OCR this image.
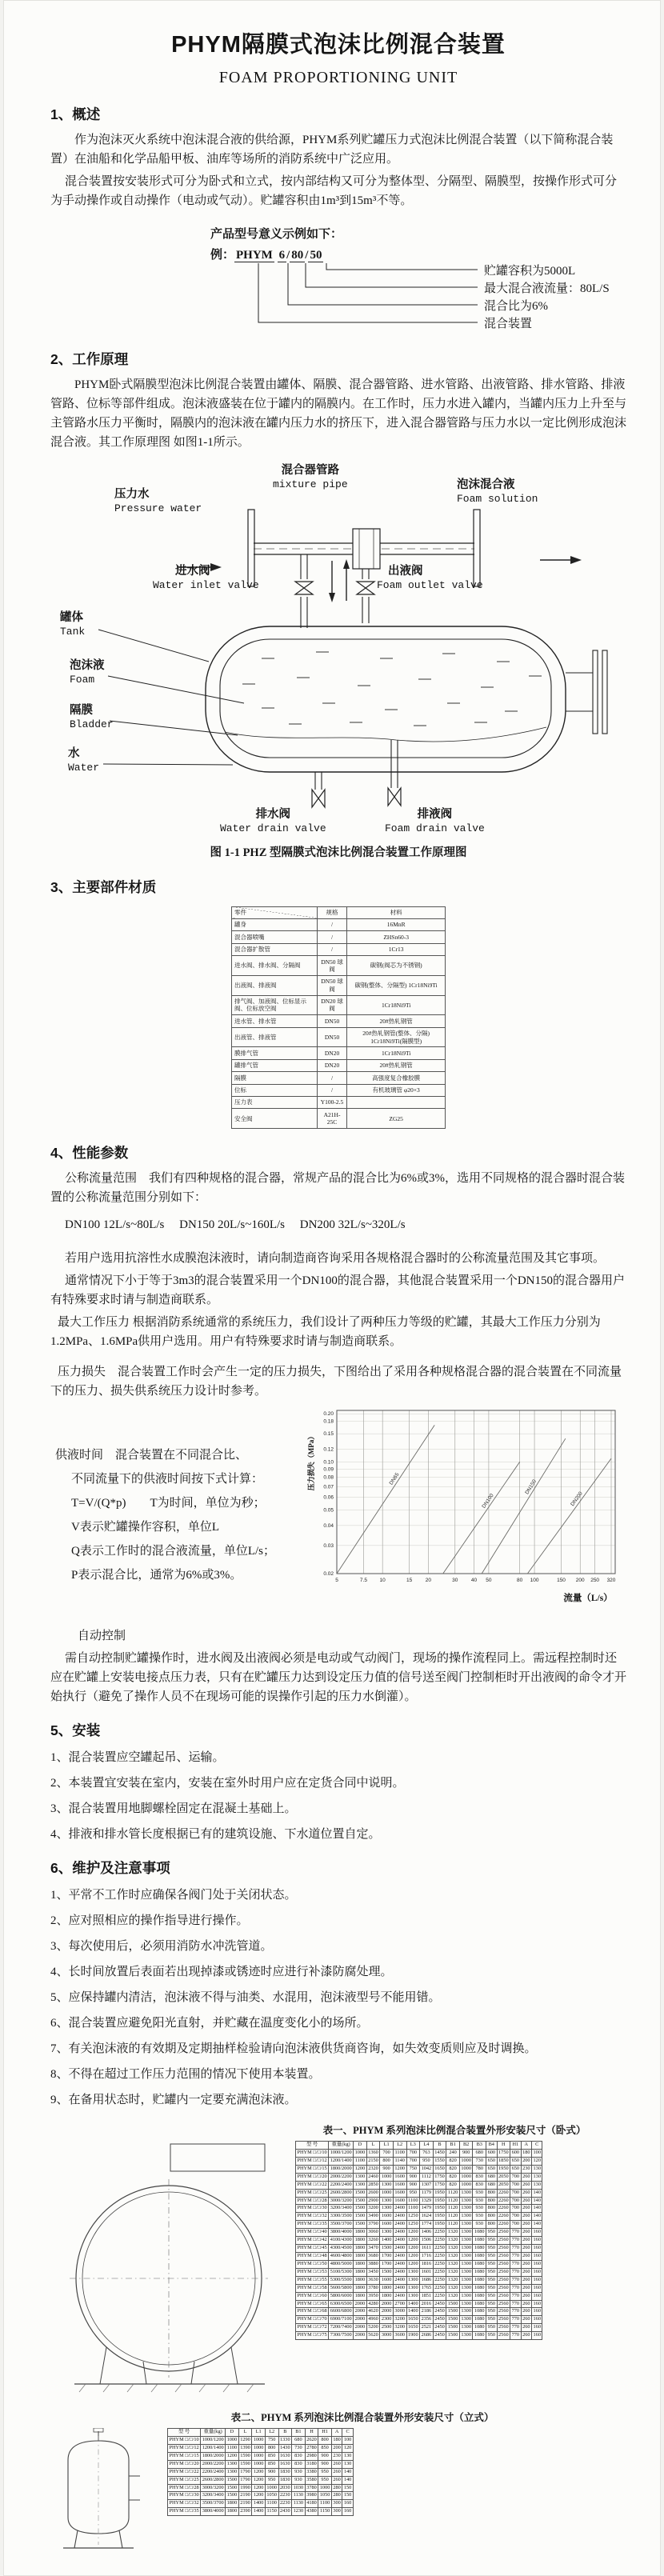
PHYM隔膜式泡沫比例混合装置
FOAM PROPORTIONING UNIT
1、概述

作为泡沫灭火系统中泡沫混合液的供给源，PHYM系列贮罐压力式泡沫比例混合装置（以下简称混合装置）在油船和化学品船甲板、油库等场所的消防系统中广泛应用。

混合装置按安装形式可分为卧式和立式，按内部结构又可分为整体型、分隔型、隔膜型，按操作形式可分为手动操作或自动操作（电动或气动）。贮罐容积由1m³到15m³不等。

产品型号意义示例如下：
例： PHYM 6 / 80 / 50
贮罐容积为5000L
最大混合液流量：80L/S
混合比为6%
混合装置
2、工作原理

PHYM卧式隔膜型泡沫比例混合装置由罐体、隔膜、混合器管路、进水管路、出液管路、排水管路、排液管路、位标等部件组成。泡沫液盛装在位于罐内的隔膜内。在工作时，压力水进入罐内，当罐内压力上升至与主管路水压力平衡时，隔膜内的泡沫液在罐内压力水的挤压下，进入混合器管路与压力水以一定比例形成泡沫混合液。其工作原理图 如图1-1所示。

压力水
Pressure water
混合器管路
mixture pipe	泡沫混合液
Foam solution
进水阀
Water inlet valve
出液阀
Foam outlet valve
罐体
Tank
泡沫液
Foam
隔膜
Bladder
水
Water
排水阀
Water drain valve
排液阀
Foam drain valve
图 1-1 PHZ 型隔膜式泡沫比例混合装置工作原理图
3、主要部件材质
零件	规格	材料
罐身	/	16MnR
混合器喷嘴	/	ZHSn60-3
混合器扩散管	/	1Cr13
进水阀、排水阀、分隔阀	DN50 球阀	碳钢(阀芯为不锈钢)
出液阀、排液阀	DN50 球阀	碳钢(整体、分隔型) 1Cr18Ni9Ti
排气阀、加液阀、位标显示阀、位标放空阀	DN20 球阀	1Cr18Ni9Ti
进水管、排水管	DN50	20#热轧钢管
出液管、排液管	DN50	20#热轧钢管(整体、分隔) 1Cr18Ni9Ti(隔膜型)
膜排气管	DN20	1Cr18Ni9Ti
罐排气管	DN20	20#热轧钢管
隔膜	/	高强度复合橡胶膜
位标	/	有机玻璃管 φ20×3
压力表	Y100-2.5	
安全阀	A21H-25C	ZG25
4、性能参数

公称流量范围　我们有四种规格的混合器，常规产品的混合比为6%或3%，选用不同规格的混合器时混合装置的公称流量范围分别如下：

DN100 12L/s~80L/s　 DN150 20L/s~160L/s　 DN200 32L/s~320L/s

若用户选用抗溶性水成膜泡沫液时，请向制造商咨询采用各规格混合器时的公称流量范围及其它事项。

通常情况下小于等于3m3的混合装置采用一个DN100的混合器，其他混合装置采用一个DN150的混合器用户有特殊要求时请与制造商联系。

最大工作压力 根据消防系统通常的系统压力，我们设计了两种压力等级的贮罐，其最大工作压力分别为1.2MPa、1.6MPa供用户选用。用户有特殊要求时请与制造商联系。

压力损失　混合装置工作时会产生一定的压力损失，下图给出了采用各种规格混合器的混合装置在不同流量下的压力、损失供系统压力设计时参考。

供液时间　混合装置在不同混合比、
不同流量下的供液时间按下式计算：
T=V/(Q*p)　　T为时间，单位为秒；
V表示贮罐操作容积，单位L
Q表示工作时的混合液流量，单位L/s；
P表示混合比，通常为6%或3%。	0.02
0.03
0.04
0.05
0.06
0.07
0.08
0.09
0.10
0.12
0.15
0.18
0.20
5	7.5 10	15	20	30	40 50	80 100	150 200 250 320
DN65
DN100
DN150
DN200
流量（L/s）
压力损失（MPa）
自动控制

需自动控制贮罐操作时，进水阀及出液阀必须是电动或气动阀门，现场的操作流程同上。需远程控制时还应在贮罐上安装电接点压力表，只有在贮罐压力达到设定压力值的信号送至阀门控制柜时开出液阀的命令才开始执行（避免了操作人员不在现场可能的误操作引起的压力水倒灌）。

5、安装
1、混合装置应空罐起吊、运输。
2、本装置宜安装在室内，安装在室外时用户应在定货合同中说明。
3、混合装置用地脚螺栓固定在混凝土基础上。
4、排液和排水管长度根据已有的建筑设施、下水道位置自定。
6、维护及注意事项
1、平常不工作时应确保各阀门处于关闭状态。
2、应对照相应的操作指导进行操作。
3、每次使用后，必须用消防水冲洗管道。
4、长时间放置后表面若出现掉漆或锈迹时应进行补漆防腐处理。
5、应保持罐内清洁，泡沫液不得与油类、水混用，泡沫液型号不能用错。
6、混合装置应避免阳光直射，并贮藏在温度变化小的场所。
7、有关泡沫液的有效期及定期抽样检验请向泡沫液供货商咨询，如失效变质则应及时调换。
8、不得在超过工作压力范围的情况下使用本装置。
9、在备用状态时，贮罐内一定要充满泡沫液。
表一、PHYM 系列泡沫比例混合装置外形安装尺寸（卧式）
型 号	重量(kg)	D	L	L1	L2	L3	L4	B	B1	B2	B3	B4	H	H1	A	C
PHYM □/□/10	1000/1200	1000	1360	700	1100	700	763	1450	240	900	680	600	1750	600	180	100
PHYM □/□/12	1200/1400	1100	2150	800	1140	700	950	1550	820	1000	730	650	1850	650	200	120
PHYM □/□/15	1800/2000	1200	2320	900	1200	750	1042	1650	820	1000	780	650	1950	650	230	130
PHYM □/□/20	2000/2200	1300	2460	1000	1600	900	1112	1750	820	1000	830	680	2050	700	260	130
PHYM □/□/22	2200/2400	1300	2850	1300	1600	900	1307	1750	820	1000	830	680	2050	700	260	130
PHYM □/□/25	2600/2800	1500	2600	1000	1600	950	1179	1950	1120	1300	930	800	2260	700	260	140
PHYM □/□/28	3000/3200	1500	2900	1300	1600	1100	1329	1950	1120	1300	930	800	2260	700	260	140
PHYM □/□/30	3200/3400	1500	3200	1300	2400	1100	1479	1950	1120	1300	930	800	2260	700	260	140
PHYM □/□/32	3300/3500	1500	3490	1600	2400	1250	1624	1950	1120	1300	930	800	2260	700	260	140
PHYM □/□/35	3500/3700	1500	3790	1600	2400	1250	1774	1950	1120	1300	930	800	2260	700	260	140
PHYM □/□/40	3800/4000	1800	3060	1300	2400	1200	1406	2250	1320	1300	1080	950	2560	770	260	160
PHYM □/□/42	4100/4300	1800	3260	1400	2400	1200	1506	2250	1320	1300	1080	950	2560	770	260	160
PHYM □/□/45	4300/4500	1800	3470	1500	2400	1200	1611	2250	1320	1300	1080	950	2560	770	260	160
PHYM □/□/48	4600/4800	1800	3680	1700	2400	1200	1716	2250	1320	1300	1080	950	2560	770	260	160
PHYM □/□/50	4800/5000	1800	3880	1700	2400	1200	1816	2250	1320	1300	1080	950	2560	770	260	160
PHYM □/□/53	5100/5300	1800	3450	1500	2400	1300	1601	2250	1320	1300	1080	950	2560	770	260	160
PHYM □/□/55	5300/5500	1800	3630	1600	2400	1300	1686	2250	1320	1300	1080	950	2560	770	260	160
PHYM □/□/58	5600/5800	1800	3780	1800	2400	1300	1765	2250	1320	1300	1080	950	2560	770	260	160
PHYM □/□/60	5800/6000	1800	3950	1800	2400	1300	1851	2250	1320	1300	1080	950	2560	770	260	160
PHYM □/□/65	6300/6500	2000	4280	2000	2700	1400	2016	2450	1500	1300	1080	950	2560	770	260	160
PHYM □/□/68	6600/6800	2000	4620	2000	3000	1400	2186	2450	1500	1300	1080	950	2560	770	260	160
PHYM □/□/70	6900/7100	2000	4960	2300	3200	1650	2356	2450	1500	1300	1080	950	2560	770	260	160
PHYM □/□/72	7200/7400	2000	5200	2500	3200	1650	2521	2450	1500	1300	1080	950	2560	770	260	160
PHYM □/□/75	7300/7500	2000	5620	3000	3600	1900	2686	2450	1500	1300	1080	950	2560	770	260	160
表二、PHYM 系列泡沫比例混合装置外形安装尺寸（立式）
型 号	重量(kg)	D	L	L1	L2	B	B1	H	H1	A	C
PHYM □/□/10	1000/1200	1000	1290	1000	750	1330	680	2620	800	180	100
PHYM □/□/12	1200/1400	1100	1390	1000	800	1430	730	2780	850	200	120
PHYM □/□/15	1800/2000	1200	1590	1000	850	1630	830	2980	900	230	130
PHYM □/□/20	2000/2200	1300	1590	1000	850	1630	830	3180	900	260	130
PHYM □/□/22	2200/2400	1300	1790	1200	900	1830	930	3380	950	260	140
PHYM □/□/25	2600/2800	1500	1790	1200	950	1830	930	3580	950	260	140
PHYM □/□/28	3000/3200	1500	1990	1200	1000	2030	1030	3780	1000	280	150
PHYM □/□/30	3200/3400	1500	2190	1200	1050	2230	1130	3980	1050	280	150
PHYM □/□/32	3500/3700	1800	2190	1400	1100	2230	1130	4180	1100	300	160
PHYM □/□/35	3800/4000	1800	2390	1400	1150	2430	1230	4380	1150	300	160
